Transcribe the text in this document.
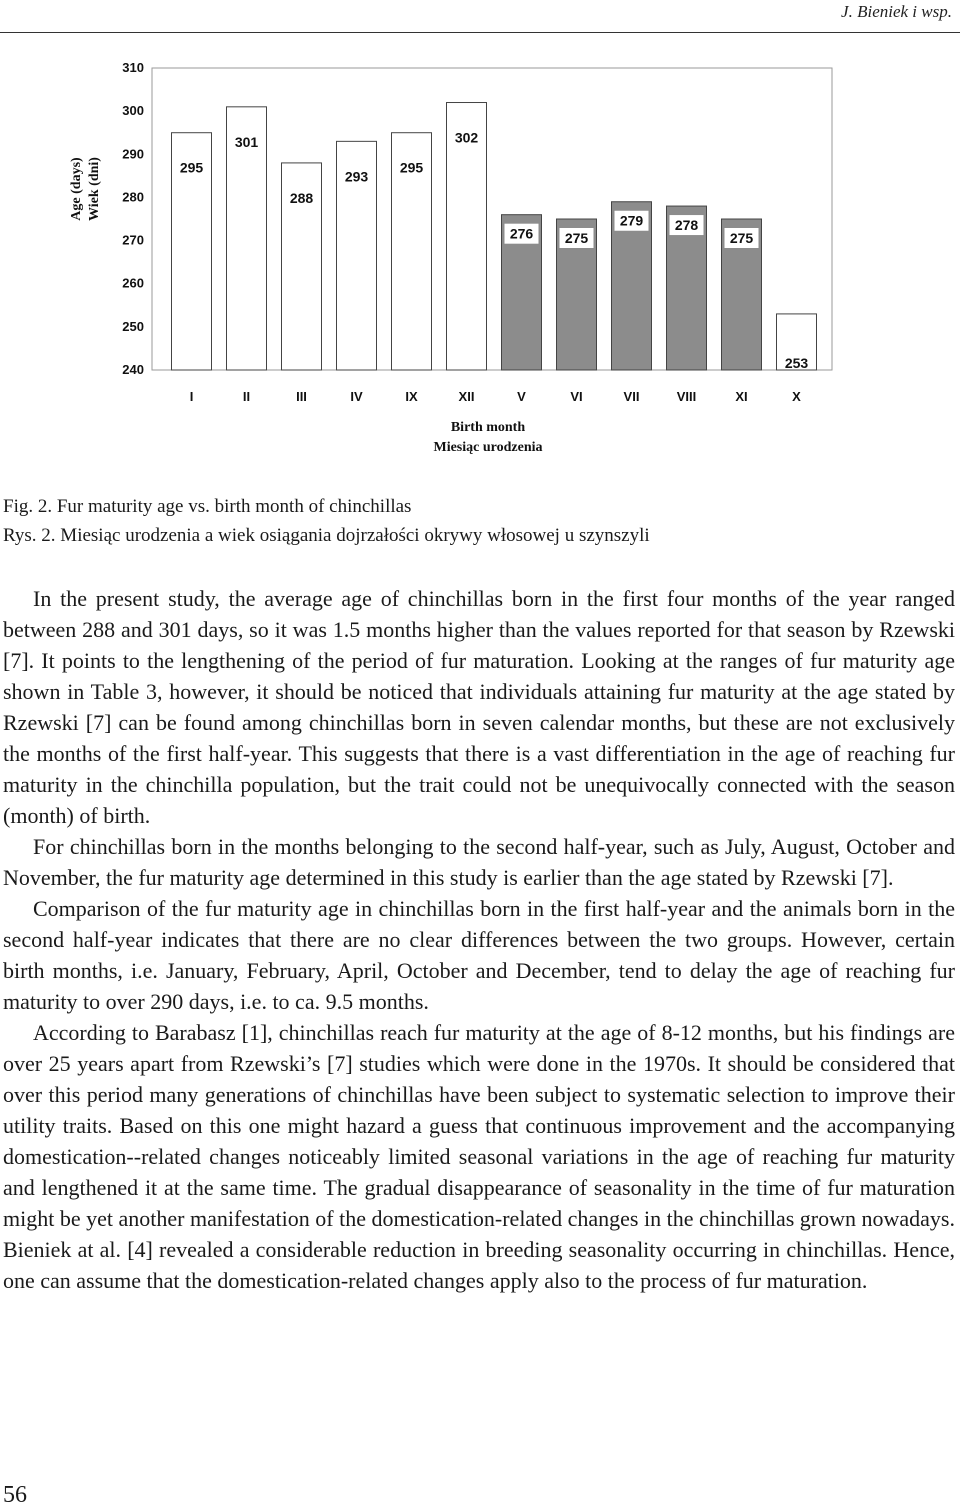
J. Bieniek i wsp.
240
250
260
270
280
290
300
310
Age (days) Wiek (dni)	295
I
301
II
288
III
293
IV
295
IX
302
XII
276
V
275
VI
279
VII
278
VIII
275
XI
253
X
Birth month
Miesiąc urodzenia
Fig. 2. Fur maturity age vs. birth month of chinchillas
Rys. 2. Miesiąc urodzenia a wiek osiągania dojrzałości okrywy włosowej u szynszyli

In the present study, the average age of chinchillas born in the first four months of the year ranged between 288 and 301 days, so it was 1.5 months higher than the values reported for that season by Rzewski [7]. It points to the lengthening of the period of fur maturation. Looking at the ranges of fur maturity age shown in Table 3, however, it should be noticed that individuals attaining fur maturity at the age stated by Rzewski [7] can be found among chinchillas born in seven calendar months, but these are not exclusively the months of the first half-year. This suggests that there is a vast differentiation in the age of reaching fur maturity in the chinchilla population, but the trait could not be unequivocally connected with the season (month) of birth.

For chinchillas born in the months belonging to the second half-year, such as July, August, October and November, the fur maturity age determined in this study is earlier than the age stated by Rzewski [7].

Comparison of the fur maturity age in chinchillas born in the first half-year and the animals born in the second half-year indicates that there are no clear differences between the two groups. However, certain birth months, i.e. January, February, April, October and December, tend to delay the age of reaching fur maturity to over 290 days, i.e. to ca. 9.5 months.

According to Barabasz [1], chinchillas reach fur maturity at the age of 8-12 months, but his findings are over 25 years apart from Rzewski’s [7] studies which were done in the 1970s. It should be considered that over this period many generations of chinchillas have been subject to systematic selection to improve their utility traits. Based on this one might hazard a guess that continuous improvement and the accompanying domestication--related changes noticeably limited seasonal variations in the age of reaching fur maturity and lengthened it at the same time. The gradual disappearance of seasonality in the time of fur maturation might be yet another manifestation of the domestication-related changes in the chinchillas grown nowadays. Bieniek at al. [4] revealed a considerable reduction in breeding seasonality occurring in chinchillas. Hence, one can assume that the domestication-related changes apply also to the process of fur maturation.

56
